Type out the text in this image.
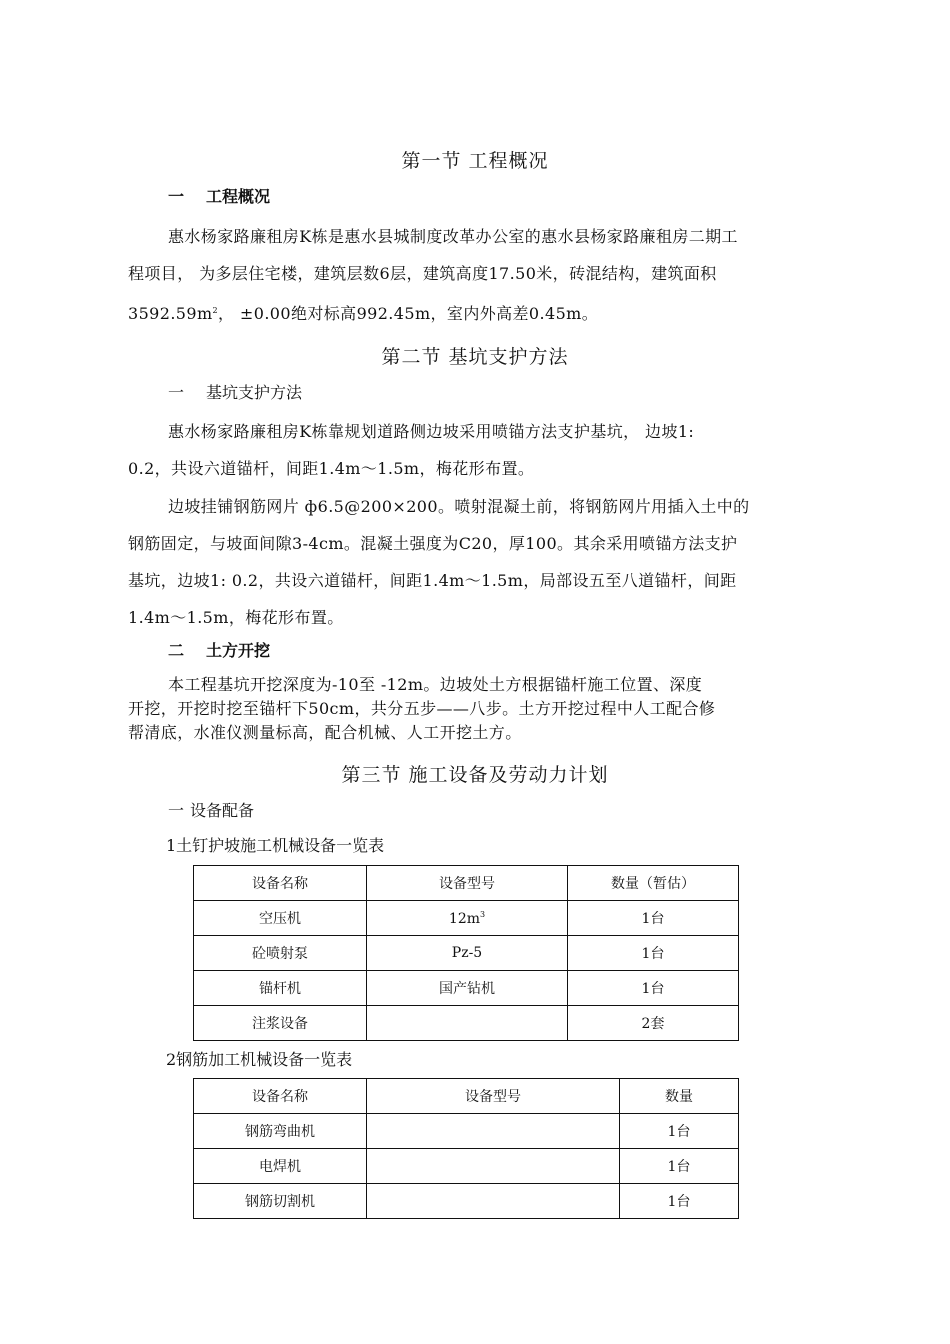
第一节 工程概况
一 工程概况
惠水杨家路廉租房K栋是惠水县城制度改革办公室的惠水县杨家路廉租房二期工
程项目， 为多层住宅楼，建筑层数6层，建筑高度17.50米，砖混结构，建筑面积
$3592.59m^2$， ±0.00绝对标高992.45m，室内外高差0.45m。
第二节 基坑支护方法
一 基坑支护方法
惠水杨家路廉租房K栋靠规划道路侧边坡采用喷锚方法支护基坑， 边坡1:
0.2，共设六道锚杆，间距1.4m～1.5m，梅花形布置。
边坡挂铺钢筋网片 ф6.5@200×200。喷射混凝土前，将钢筋网片用插入土中的
钢筋固定，与坡面间隙3-4cm。混凝土强度为C20，厚100。其余采用喷锚方法支护
基坑，边坡1: 0.2，共设六道锚杆，间距1.4m～1.5m，局部设五至八道锚杆，间距
1.4m～1.5m，梅花形布置。
二 土方开挖
本工程基坑开挖深度为-10至 -12m。边坡处土方根据锚杆施工位置、深度
开挖，开挖时挖至锚杆下50cm，共分五步——八步。土方开挖过程中人工配合修
帮清底，水准仪测量标高，配合机械、人工开挖土方。
第三节 施工设备及劳动力计划
一 设备配备
1土钉护坡施工机械设备一览表
设备名称	设备型号	数量（暂估）
空压机	$12m^3$	1台
砼喷射泵	Pz-5	1台
锚杆机	国产钻机	1台
注浆设备		2套
2钢筋加工机械设备一览表
设备名称	设备型号	数量
钢筋弯曲机		1台
电焊机		1台
钢筋切割机		1台
